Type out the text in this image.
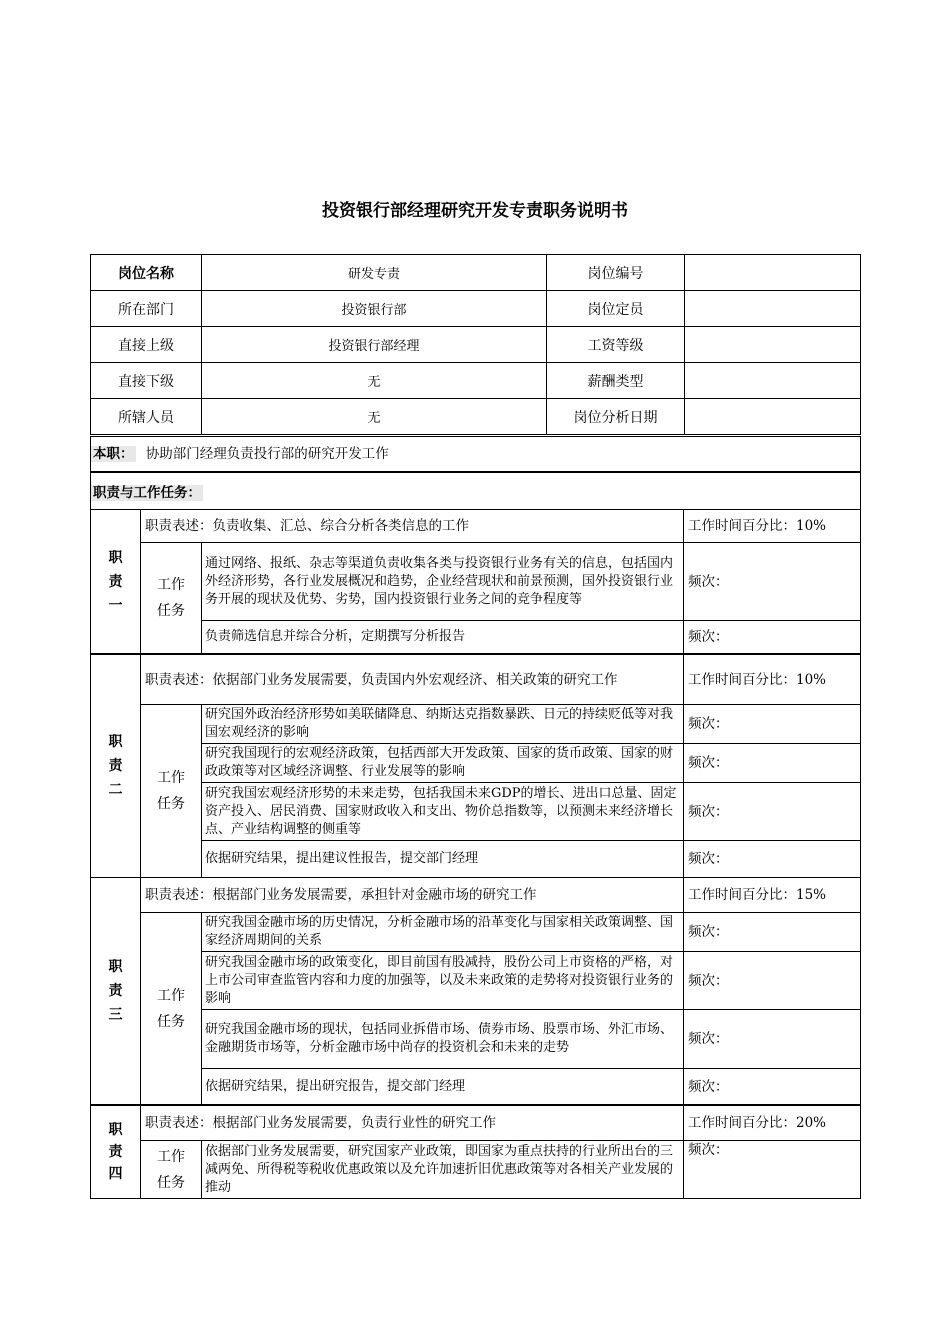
投资银行部经理研究开发专责职务说明书
岗位名称	研发专责	岗位编号	
所在部门	投资银行部	岗位定员	
直接上级	投资银行部经理	工资等级	
直接下级	无	薪酬类型	
所辖人员	无	岗位分析日期	
本职： 协助部门经理负责投行部的研究开发工作
职责与工作任务：
职责一	职责表述：负责收集、汇总、综合分析各类信息的工作		工作时间百分比：10%
	工作任务	通过网络、报纸、杂志等渠道负责收集各类与投资银行业务有关的信息，包括国内外经济形势，各行业发展概况和趋势，企业经营现状和前景预测，国外投资银行业务开展的现状及优势、劣势，国内投资银行业务之间的竞争程度等	频次：
		负责筛选信息并综合分析，定期撰写分析报告	频次：
职责二	职责表述：依据部门业务发展需要，负责国内外宏观经济、相关政策的研究工作		工作时间百分比：10%
	工作任务	研究国外政治经济形势如美联储降息、纳斯达克指数暴跌、日元的持续贬低等对我国宏观经济的影响	频次：
		研究我国现行的宏观经济政策，包括西部大开发政策、国家的货币政策、国家的财政政策等对区域经济调整、行业发展等的影响	频次：
		研究我国宏观经济形势的未来走势，包括我国未来GDP的增长、进出口总量、固定资产投入、居民消费、国家财政收入和支出、物价总指数等，以预测未来经济增长点、产业结构调整的侧重等	频次：
		依据研究结果，提出建议性报告，提交部门经理	频次：
职责三	职责表述：根据部门业务发展需要，承担针对金融市场的研究工作		工作时间百分比：15%
	工作任务	研究我国金融市场的历史情况，分析金融市场的沿革变化与国家相关政策调整、国家经济周期间的关系	频次：
		研究我国金融市场的政策变化，即目前国有股减持，股份公司上市资格的严格，对上市公司审查监管内容和力度的加强等，以及未来政策的走势将对投资银行业务的影响	频次：
		研究我国金融市场的现状，包括同业拆借市场、债券市场、股票市场、外汇市场、金融期货市场等，分析金融市场中尚存的投资机会和未来的走势	频次：
		依据研究结果，提出研究报告，提交部门经理	频次：
职责四	职责表述：根据部门业务发展需要，负责行业性的研究工作		工作时间百分比：20%
	工作任务	依据部门业务发展需要，研究国家产业政策，即国家为重点扶持的行业所出台的三减两免、所得税等税收优惠政策以及允许加速折旧优惠政策等对各相关产业发展的推动	频次：
